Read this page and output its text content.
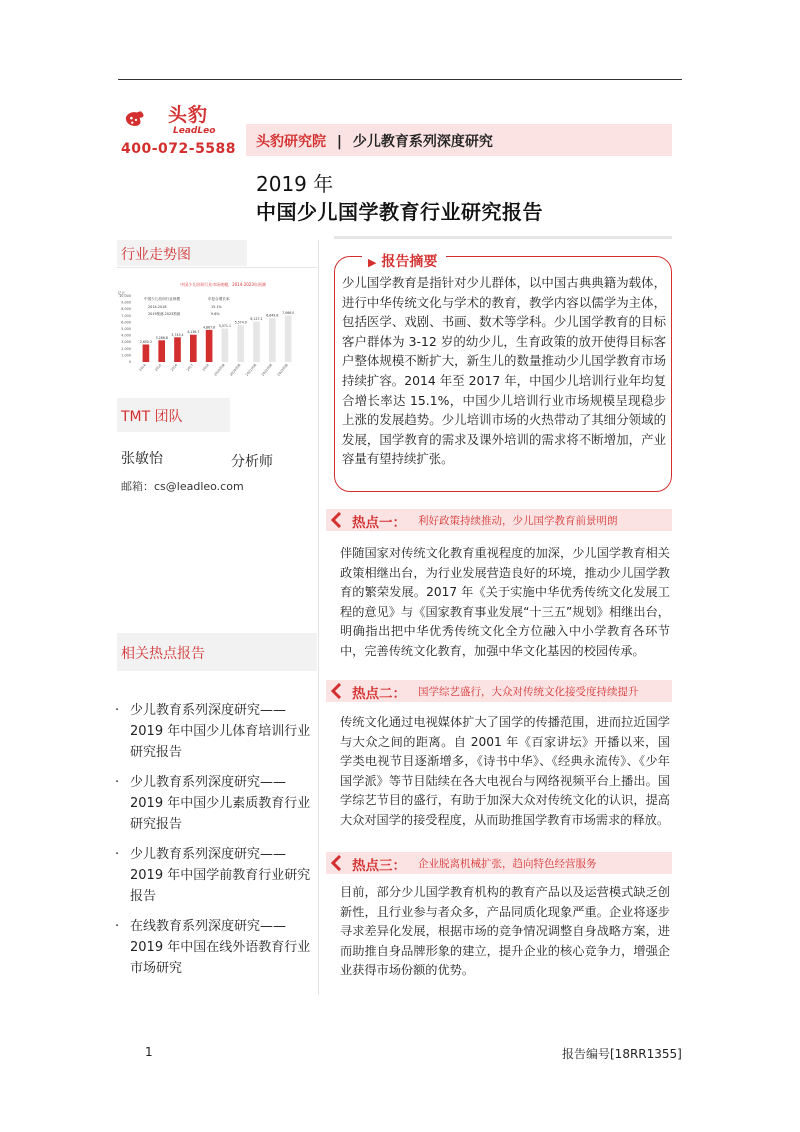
头豹
LeadLeo
400-072-5588 头豹研究院 | 少儿教育系列深度研究
2019 年
中国少儿国学教育行业研究报告
行业走势图
中国少儿培训行业市场规模，2014-2023年预测
亿元
10,000
9,000
8,000
7,000
6,000
5,000
4,000
3,000
2,000
1,000
0
中国少儿培训行业规模	年复合增长率
2014-2018	15.1%
2019预测-2023预测	9.6%
2,650.2
2014
3,286.8
2015
3,743.4
2016
4,136.7
2017
4,867.8
2018
5,071.1
2019预测
5,574.0
2020预测
6,127.2
2021预测
6,649.8
2022预测
7,066.0
2023预测
TMT 团队
张敏怡	分析师
邮箱：cs@leadleo.com
相关热点报告
· 少儿教育系列深度研究——2019 年中国少儿体育培训行业研究报告
· 少儿教育系列深度研究——2019 年中国少儿素质教育行业研究报告
· 少儿教育系列深度研究——2019 年中国学前教育行业研究报告
· 在线教育系列深度研究——2019 年中国在线外语教育行业市场研究
▶ 报告摘要

少儿国学教育是指针对少儿群体，以中国古典典籍为载体，进行中华传统文化与学术的教育，教学内容以儒学为主体，包括医学、戏剧、书画、数术等学科。少儿国学教育的目标客户群体为 3-12 岁的幼少儿，生育政策的放开使得目标客户整体规模不断扩大，新生儿的数量推动少儿国学教育市场持续扩容。2014 年至 2017 年，中国少儿培训行业年均复合增长率达 15.1%，中国少儿培训行业市场规模呈现稳步上涨的发展趋势。少儿培训市场的火热带动了其细分领域的发展，国学教育的需求及课外培训的需求将不断增加，产业容量有望持续扩张。

热点一： 利好政策持续推动，少儿国学教育前景明朗

伴随国家对传统文化教育重视程度的加深，少儿国学教育相关政策相继出台，为行业发展营造良好的环境，推动少儿国学教育的繁荣发展。2017 年《关于实施中华优秀传统文化发展工程的意见》与《国家教育事业发展“十三五”规划》相继出台，明确指出把中华优秀传统文化全方位融入中小学教育各环节中，完善传统文化教育，加强中华文化基因的校园传承。

热点二： 国学综艺盛行，大众对传统文化接受度持续提升

传统文化通过电视媒体扩大了国学的传播范围，进而拉近国学与大众之间的距离。自 2001 年《百家讲坛》开播以来，国学类电视节目逐渐增多，《诗书中华》、《经典永流传》、《少年国学派》等节目陆续在各大电视台与网络视频平台上播出。国学综艺节目的盛行，有助于加深大众对传统文化的认识，提高大众对国学的接受程度，从而助推国学教育市场需求的释放。

热点三： 企业脱离机械扩张，趋向特色经营服务

目前，部分少儿国学教育机构的教育产品以及运营模式缺乏创新性，且行业参与者众多，产品同质化现象严重。企业将逐步寻求差异化发展，根据市场的竞争情况调整自身战略方案，进而助推自身品牌形象的建立，提升企业的核心竞争力，增强企业获得市场份额的优势。

1	报告编号[18RR1355]
